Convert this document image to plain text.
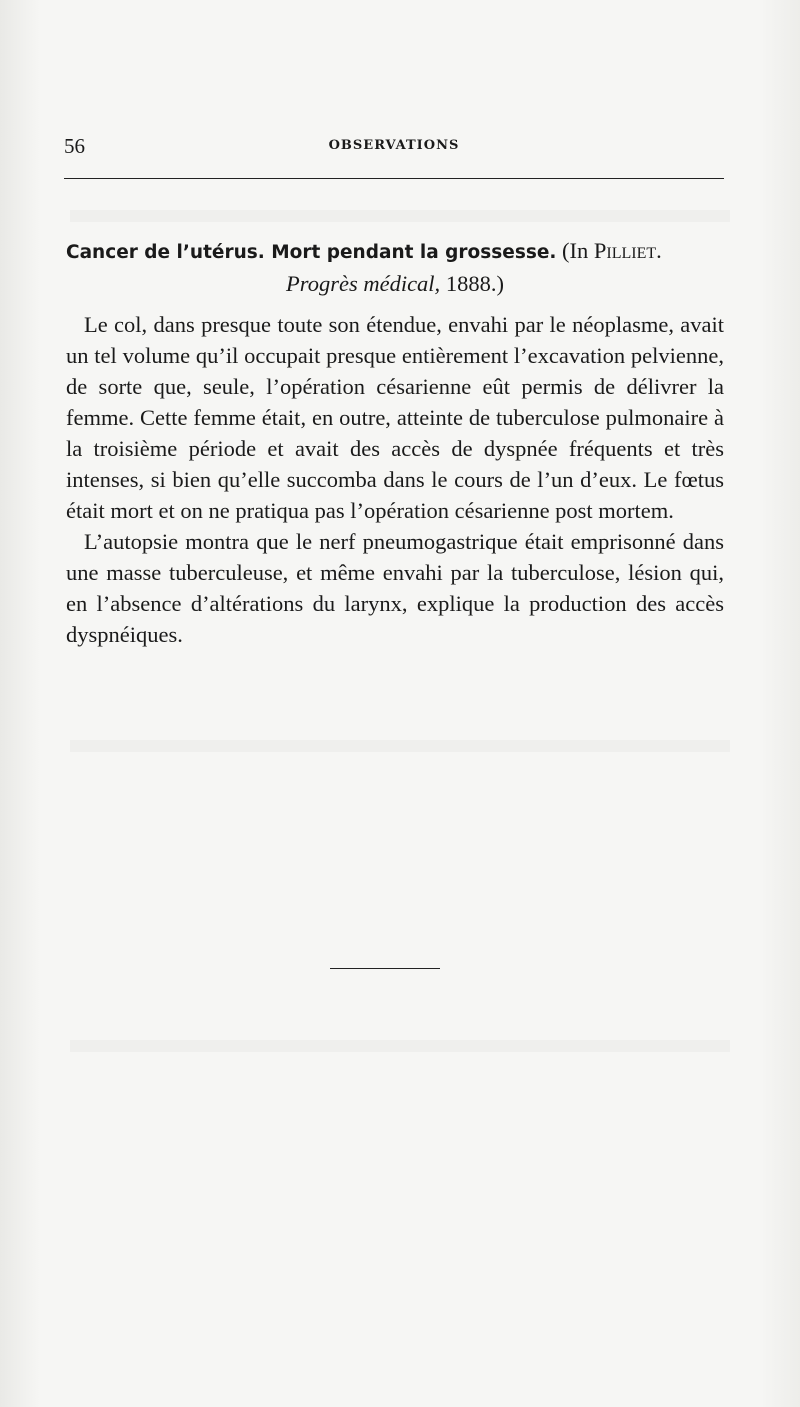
56	OBSERVATIONS
Cancer de l’utérus. Mort pendant la grossesse. (In Pilliet.
Progrès médical, 1888.)

Le col, dans presque toute son étendue, envahi par le néoplasme, avait un tel volume qu’il occupait presque entièrement l’excavation pelvienne, de sorte que, seule, l’opération césarienne eût permis de délivrer la femme. Cette femme était, en outre, atteinte de tuberculose pulmonaire à la troisième période et avait des accès de dyspnée fréquents et très intenses, si bien qu’elle succomba dans le cours de l’un d’eux. Le fœtus était mort et on ne pratiqua pas l’opération césarienne post mortem.

L’autopsie montra que le nerf pneumogastrique était emprisonné dans une masse tuberculeuse, et même envahi par la tuberculose, lésion qui, en l’absence d’altérations du larynx, explique la production des accès dyspnéiques.
